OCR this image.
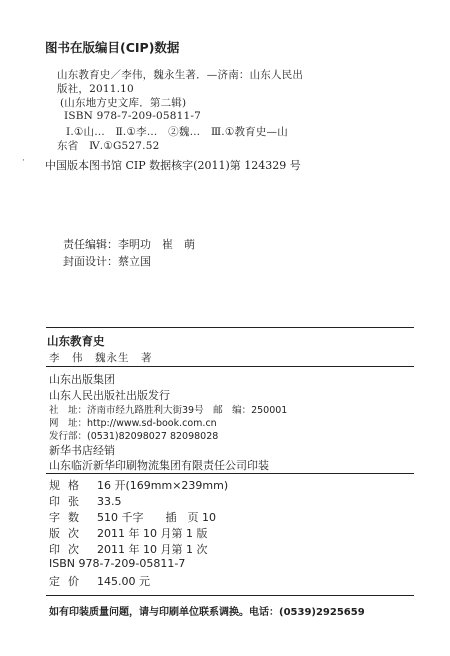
图书在版编目(CIP)数据
山东教育史／李伟，魏永生著．—济南：山东人民出
版社，2011.10
(山东地方史文库．第二辑)
ISBN 978-7-209-05811-7
Ⅰ.①山…　Ⅱ.①李…　②魏…　Ⅲ.①教育史—山
东省　Ⅳ.①G527.52
· 中国版本图书馆 CIP 数据核字(2011)第 124329 号
责任编辑：李明功　崔　萌
封面设计：蔡立国
山东教育史
李　伟　魏永生　著
山东出版集团
山东人民出版社出版发行
社　址：济南市经九路胜利大街39号　邮　编：250001
网　址：http://www.sd-book.com.cn
发行部：(0531)82098027 82098028
新华书店经销
山东临沂新华印刷物流集团有限责任公司印装
规格 16 开(169mm×239mm)
印张 33.5
字数 510 千字　　插　页 10
版次 2011 年 10 月第 1 版
印次 2011 年 10 月第 1 次
ISBN 978-7-209-05811-7
定价 145.00 元
如有印装质量问题，请与印刷单位联系调换。电话：(0539)2925659
